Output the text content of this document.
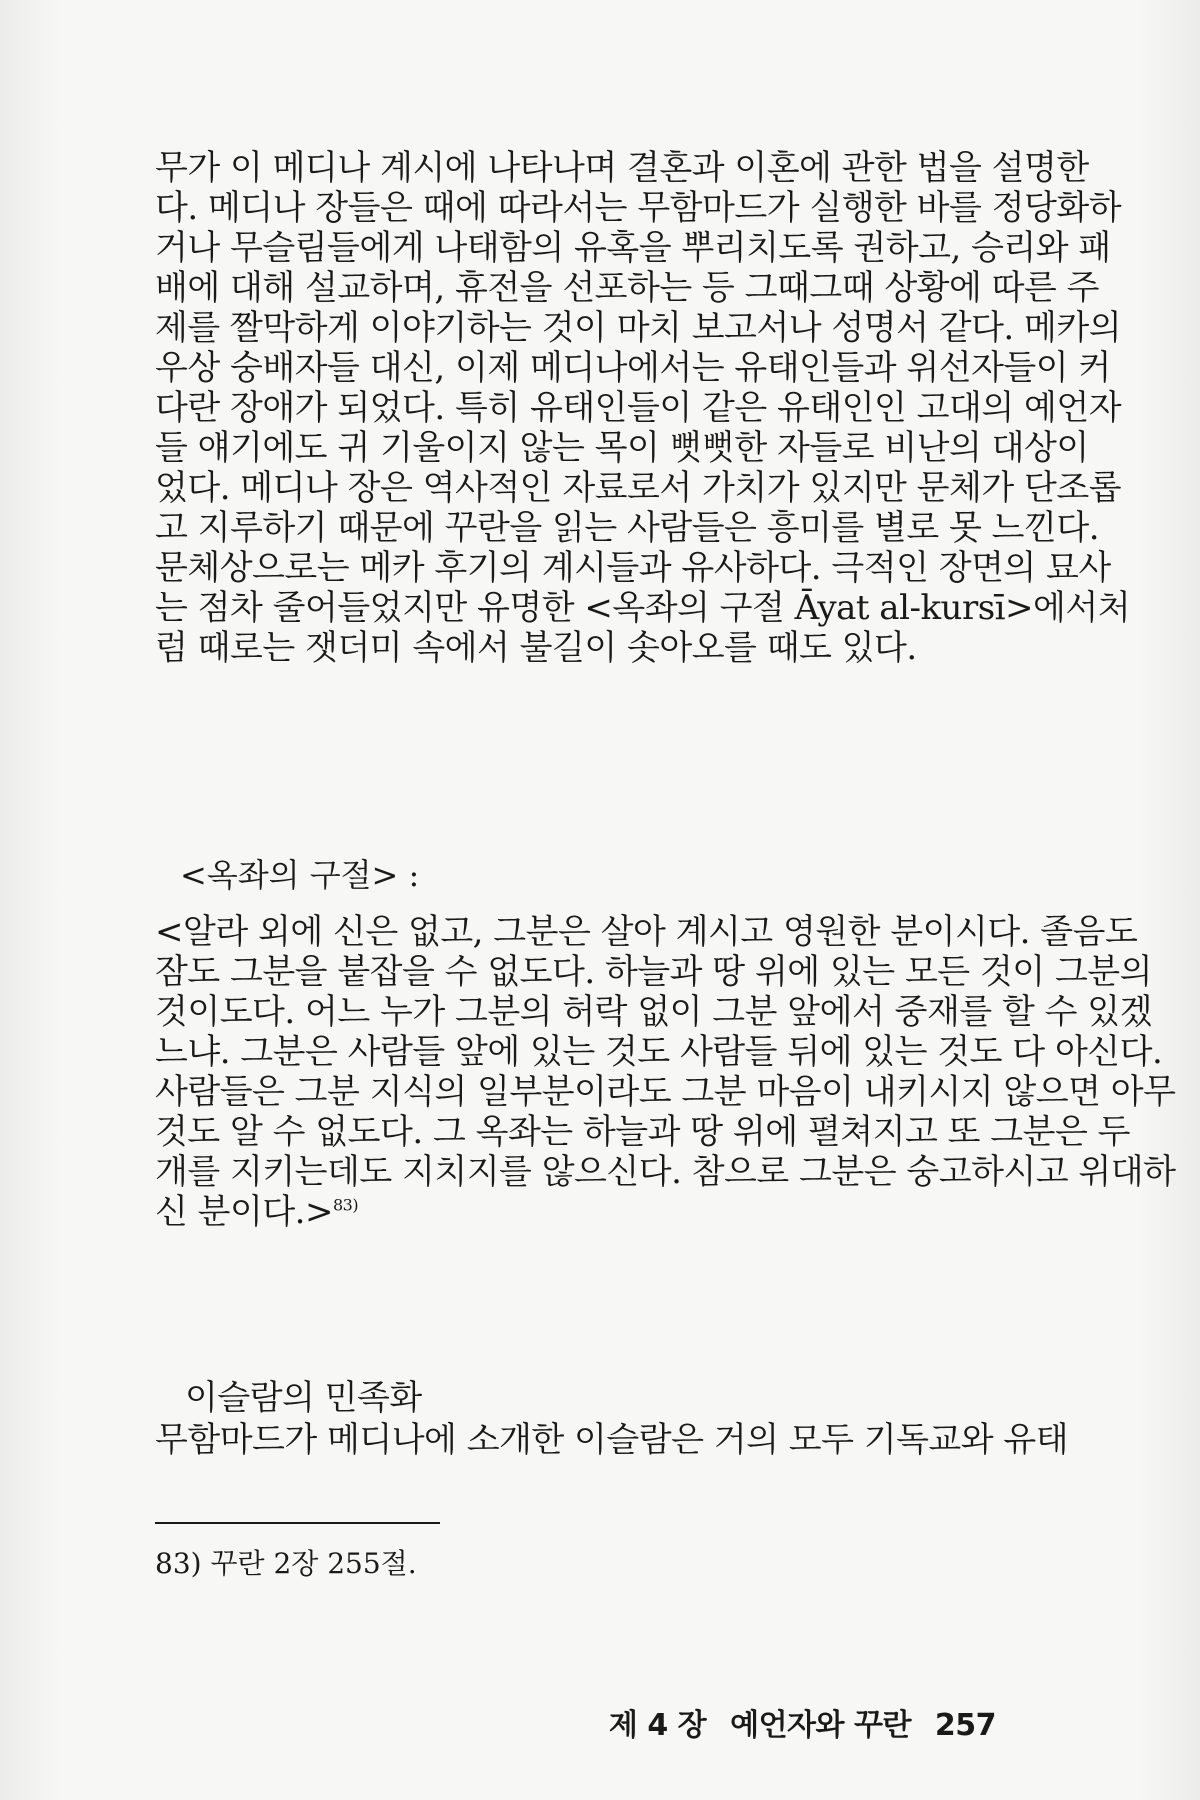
무가 이 메디나 계시에 나타나며 결혼과 이혼에 관한 법을 설명한
다. 메디나 장들은 때에 따라서는 무함마드가 실행한 바를 정당화하
거나 무슬림들에게 나태함의 유혹을 뿌리치도록 권하고, 승리와 패
배에 대해 설교하며, 휴전을 선포하는 등 그때그때 상황에 따른 주
제를 짤막하게 이야기하는 것이 마치 보고서나 성명서 같다. 메카의
우상 숭배자들 대신, 이제 메디나에서는 유태인들과 위선자들이 커
다란 장애가 되었다. 특히 유태인들이 같은 유태인인 고대의 예언자
들 얘기에도 귀 기울이지 않는 목이 뻣뻣한 자들로 비난의 대상이
었다. 메디나 장은 역사적인 자료로서 가치가 있지만 문체가 단조롭
고 지루하기 때문에 꾸란을 읽는 사람들은 흥미를 별로 못 느낀다.
문체상으로는 메카 후기의 계시들과 유사하다. 극적인 장면의 묘사
는 점차 줄어들었지만 유명한 <옥좌의 구절 Āyat al-kursī>에서처
럼 때로는 잿더미 속에서 불길이 솟아오를 때도 있다.
<옥좌의 구절> :
<알라 외에 신은 없고, 그분은 살아 계시고 영원한 분이시다. 졸음도
잠도 그분을 붙잡을 수 없도다. 하늘과 땅 위에 있는 모든 것이 그분의
것이도다. 어느 누가 그분의 허락 없이 그분 앞에서 중재를 할 수 있겠
느냐. 그분은 사람들 앞에 있는 것도 사람들 뒤에 있는 것도 다 아신다.
사람들은 그분 지식의 일부분이라도 그분 마음이 내키시지 않으면 아무
것도 알 수 없도다. 그 옥좌는 하늘과 땅 위에 펼쳐지고 또 그분은 두
개를 지키는데도 지치지를 않으신다. 참으로 그분은 숭고하시고 위대하
신 분이다.>$^{83)}$
이슬람의 민족화
무함마드가 메디나에 소개한 이슬람은 거의 모두 기독교와 유태
83) 꾸란 2장 255절.
제 4 장 예언자와 꾸란 257
